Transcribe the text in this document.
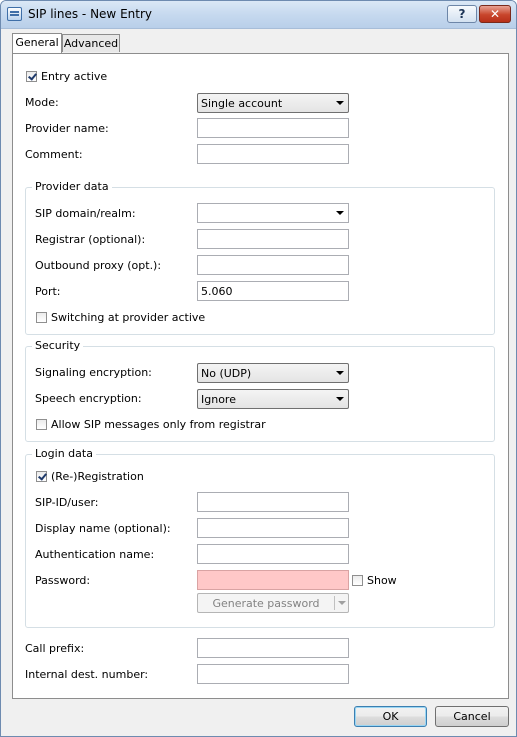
SIP lines - New Entry	?	✕
General Advanced
Entry active
Mode:	Single account
Provider name:
Comment:
Provider data
SIP domain/realm:
Registrar (optional):
Outbound proxy (opt.):
Port:	5.060
Switching at provider active
Security
Signaling encryption:	No (UDP)
Speech encryption:	Ignore
Allow SIP messages only from registrar
Login data
(Re-)Registration
SIP-ID/user:
Display name (optional):
Authentication name:
Password:	Show
Generate password
Call prefix:
Internal dest. number:
OK	Cancel
